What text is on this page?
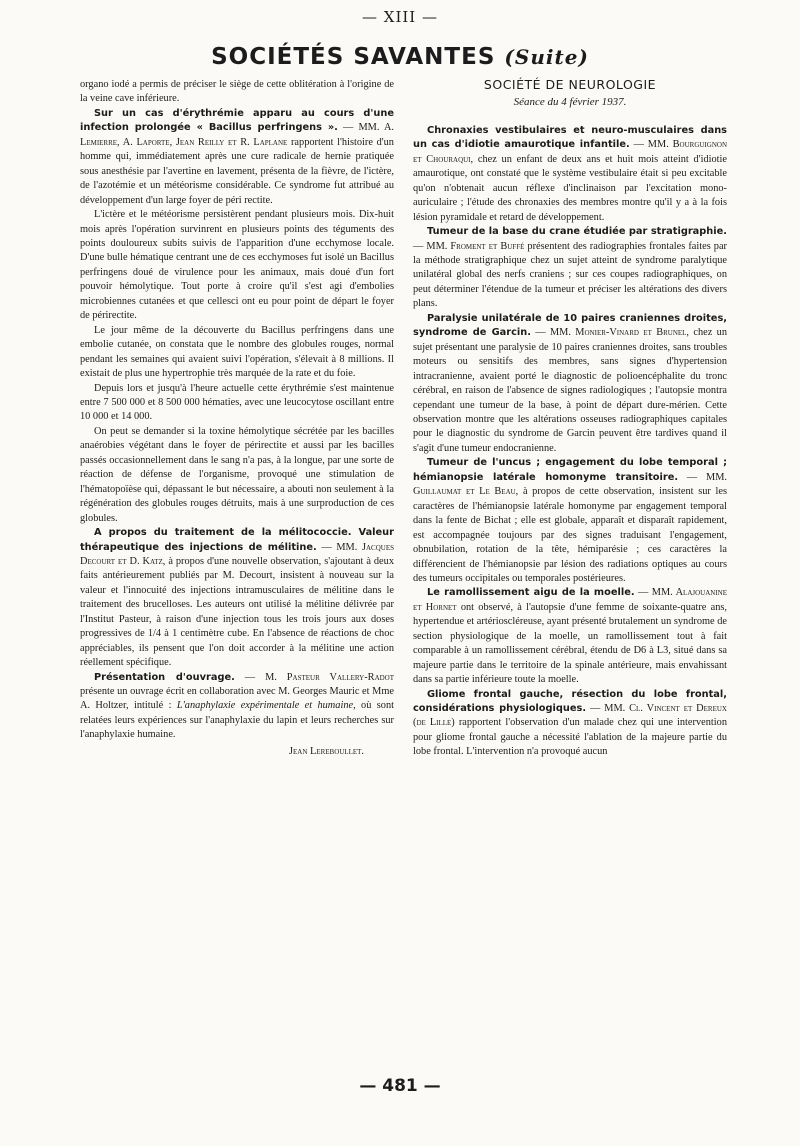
— XIII —
SOCIÉTÉS SAVANTES (Suite)

organo iodé a permis de préciser le siège de cette oblitération à l'origine de la veine cave inférieure.

Sur un cas d'érythrémie apparu au cours d'une infection prolongée « Bacillus perfringens ». — MM. A. Lemierre, A. Laporte, Jean Reilly et R. Laplane rapportent l'histoire d'un homme qui, immédiatement après une cure radicale de hernie pratiquée sous anesthésie par l'avertine en lavement, présenta de la fièvre, de l'ictère, de l'azotémie et un météorisme considérable. Ce syndrome fut attribué au développement d'un large foyer de péri rectite.

L'ictère et le météorisme persistèrent pendant plusieurs mois. Dix-huit mois après l'opération survinrent en plusieurs points des téguments des points douloureux subits suivis de l'apparition d'une ecchymose locale. D'une bulle hématique centrant une de ces ecchymoses fut isolé un Bacillus perfringens doué de virulence pour les animaux, mais doué d'un fort pouvoir hémolytique. Tout porte à croire qu'il s'est agi d'embolies microbiennes cutanées et que cellesci ont eu pour point de départ le foyer de périrectite.

Le jour même de la découverte du Bacillus perfringens dans une embolie cutanée, on constata que le nombre des globules rouges, normal pendant les semaines qui avaient suivi l'opération, s'élevait à 8 millions. Il existait de plus une hypertrophie très marquée de la rate et du foie.

Depuis lors et jusqu'à l'heure actuelle cette érythrémie s'est maintenue entre 7 500 000 et 8 500 000 hématies, avec une leucocytose oscillant entre 10 000 et 14 000.

On peut se demander si la toxine hémolytique sécrétée par les bacilles anaérobies végétant dans le foyer de périrectite et aussi par les bacilles passés occasionnellement dans le sang n'a pas, à la longue, par une sorte de réaction de défense de l'organisme, provoqué une stimulation de l'hématopoïèse qui, dépassant le but nécessaire, a abouti non seulement à la régénération des globules rouges détruits, mais à une surproduction de ces globules.

A propos du traitement de la mélitococcie. Valeur thérapeutique des injections de mélitine. — MM. Jacques Decourt et D. Katz, à propos d'une nouvelle observation, s'ajoutant à deux faits antérieurement publiés par M. Decourt, insistent à nouveau sur la valeur et l'innocuité des injections intramusculaires de mélitine dans le traitement des brucelloses. Les auteurs ont utilisé la mélitine délivrée par l'Institut Pasteur, à raison d'une injection tous les trois jours aux doses progressives de 1/4 à 1 centimètre cube. En l'absence de réactions de choc appréciables, ils pensent que l'on doit accorder à la mélitine une action réellement spécifique.

Présentation d'ouvrage. — M. Pasteur Vallery-Radot présente un ouvrage écrit en collaboration avec M. Georges Mauric et Mme A. Holtzer, intitulé : L'anaphylaxie expérimentale et humaine, où sont relatées leurs expériences sur l'anaphylaxie du lapin et leurs recherches sur l'anaphylaxie humaine.

Jean Lereboullet.
SOCIÉTÉ DE NEUROLOGIE
Séance du 4 février 1937.

Chronaxies vestibulaires et neuro-musculaires dans un cas d'idiotie amaurotique infantile. — MM. Bourguignon et Chouraqui, chez un enfant de deux ans et huit mois atteint d'idiotie amaurotique, ont constaté que le système vestibulaire était si peu excitable qu'on n'obtenait aucun réflexe d'inclinaison par l'excitation mono-auriculaire ; l'étude des chronaxies des membres montre qu'il y a à la fois lésion pyramidale et retard de développement.

Tumeur de la base du crane étudiée par stratigraphie. — MM. Froment et Buffé présentent des radiographies frontales faites par la méthode stratigraphique chez un sujet atteint de syndrome paralytique unilatéral global des nerfs craniens ; sur ces coupes radiographiques, on peut déterminer l'étendue de la tumeur et préciser les altérations des divers plans.

Paralysie unilatérale de 10 paires craniennes droites, syndrome de Garcin. — MM. Monier-Vinard et Brunel, chez un sujet présentant une paralysie de 10 paires craniennes droites, sans troubles moteurs ou sensitifs des membres, sans signes d'hypertension intracranienne, avaient porté le diagnostic de polioencéphalite du tronc cérébral, en raison de l'absence de signes radiologiques ; l'autopsie montra cependant une tumeur de la base, à point de départ dure-mérien. Cette observation montre que les altérations osseuses radiographiques capitales pour le diagnostic du syndrome de Garcin peuvent être tardives quand il s'agit d'une tumeur endocranienne.

Tumeur de l'uncus ; engagement du lobe temporal ; hémianopsie latérale homonyme transitoire. — MM. Guillaumat et Le Beau, à propos de cette observation, insistent sur les caractères de l'hémianopsie latérale homonyme par engagement temporal dans la fente de Bichat ; elle est globale, apparaît et disparaît rapidement, est accompagnée toujours par des signes traduisant l'engagement, obnubilation, rotation de la tête, hémiparésie ; ces caractères la différencient de l'hémianopsie par lésion des radiations optiques au cours des tumeurs occipitales ou temporales postérieures.

Le ramollissement aigu de la moelle. — MM. Alajouanine et Hornet ont observé, à l'autopsie d'une femme de soixante-quatre ans, hypertendue et artérioscléreuse, ayant présenté brutalement un syndrome de section physiologique de la moelle, un ramollissement tout à fait comparable à un ramollissement cérébral, étendu de D6 à L3, situé dans sa majeure partie dans le territoire de la spinale antérieure, mais envahissant dans sa partie inférieure toute la moelle.

Gliome frontal gauche, résection du lobe frontal, considérations physiologiques. — MM. Cl. Vincent et Dereux (de Lille) rapportent l'observation d'un malade chez qui une intervention pour gliome frontal gauche a nécessité l'ablation de la majeure partie du lobe frontal. L'intervention n'a provoqué aucun

— 481 —
